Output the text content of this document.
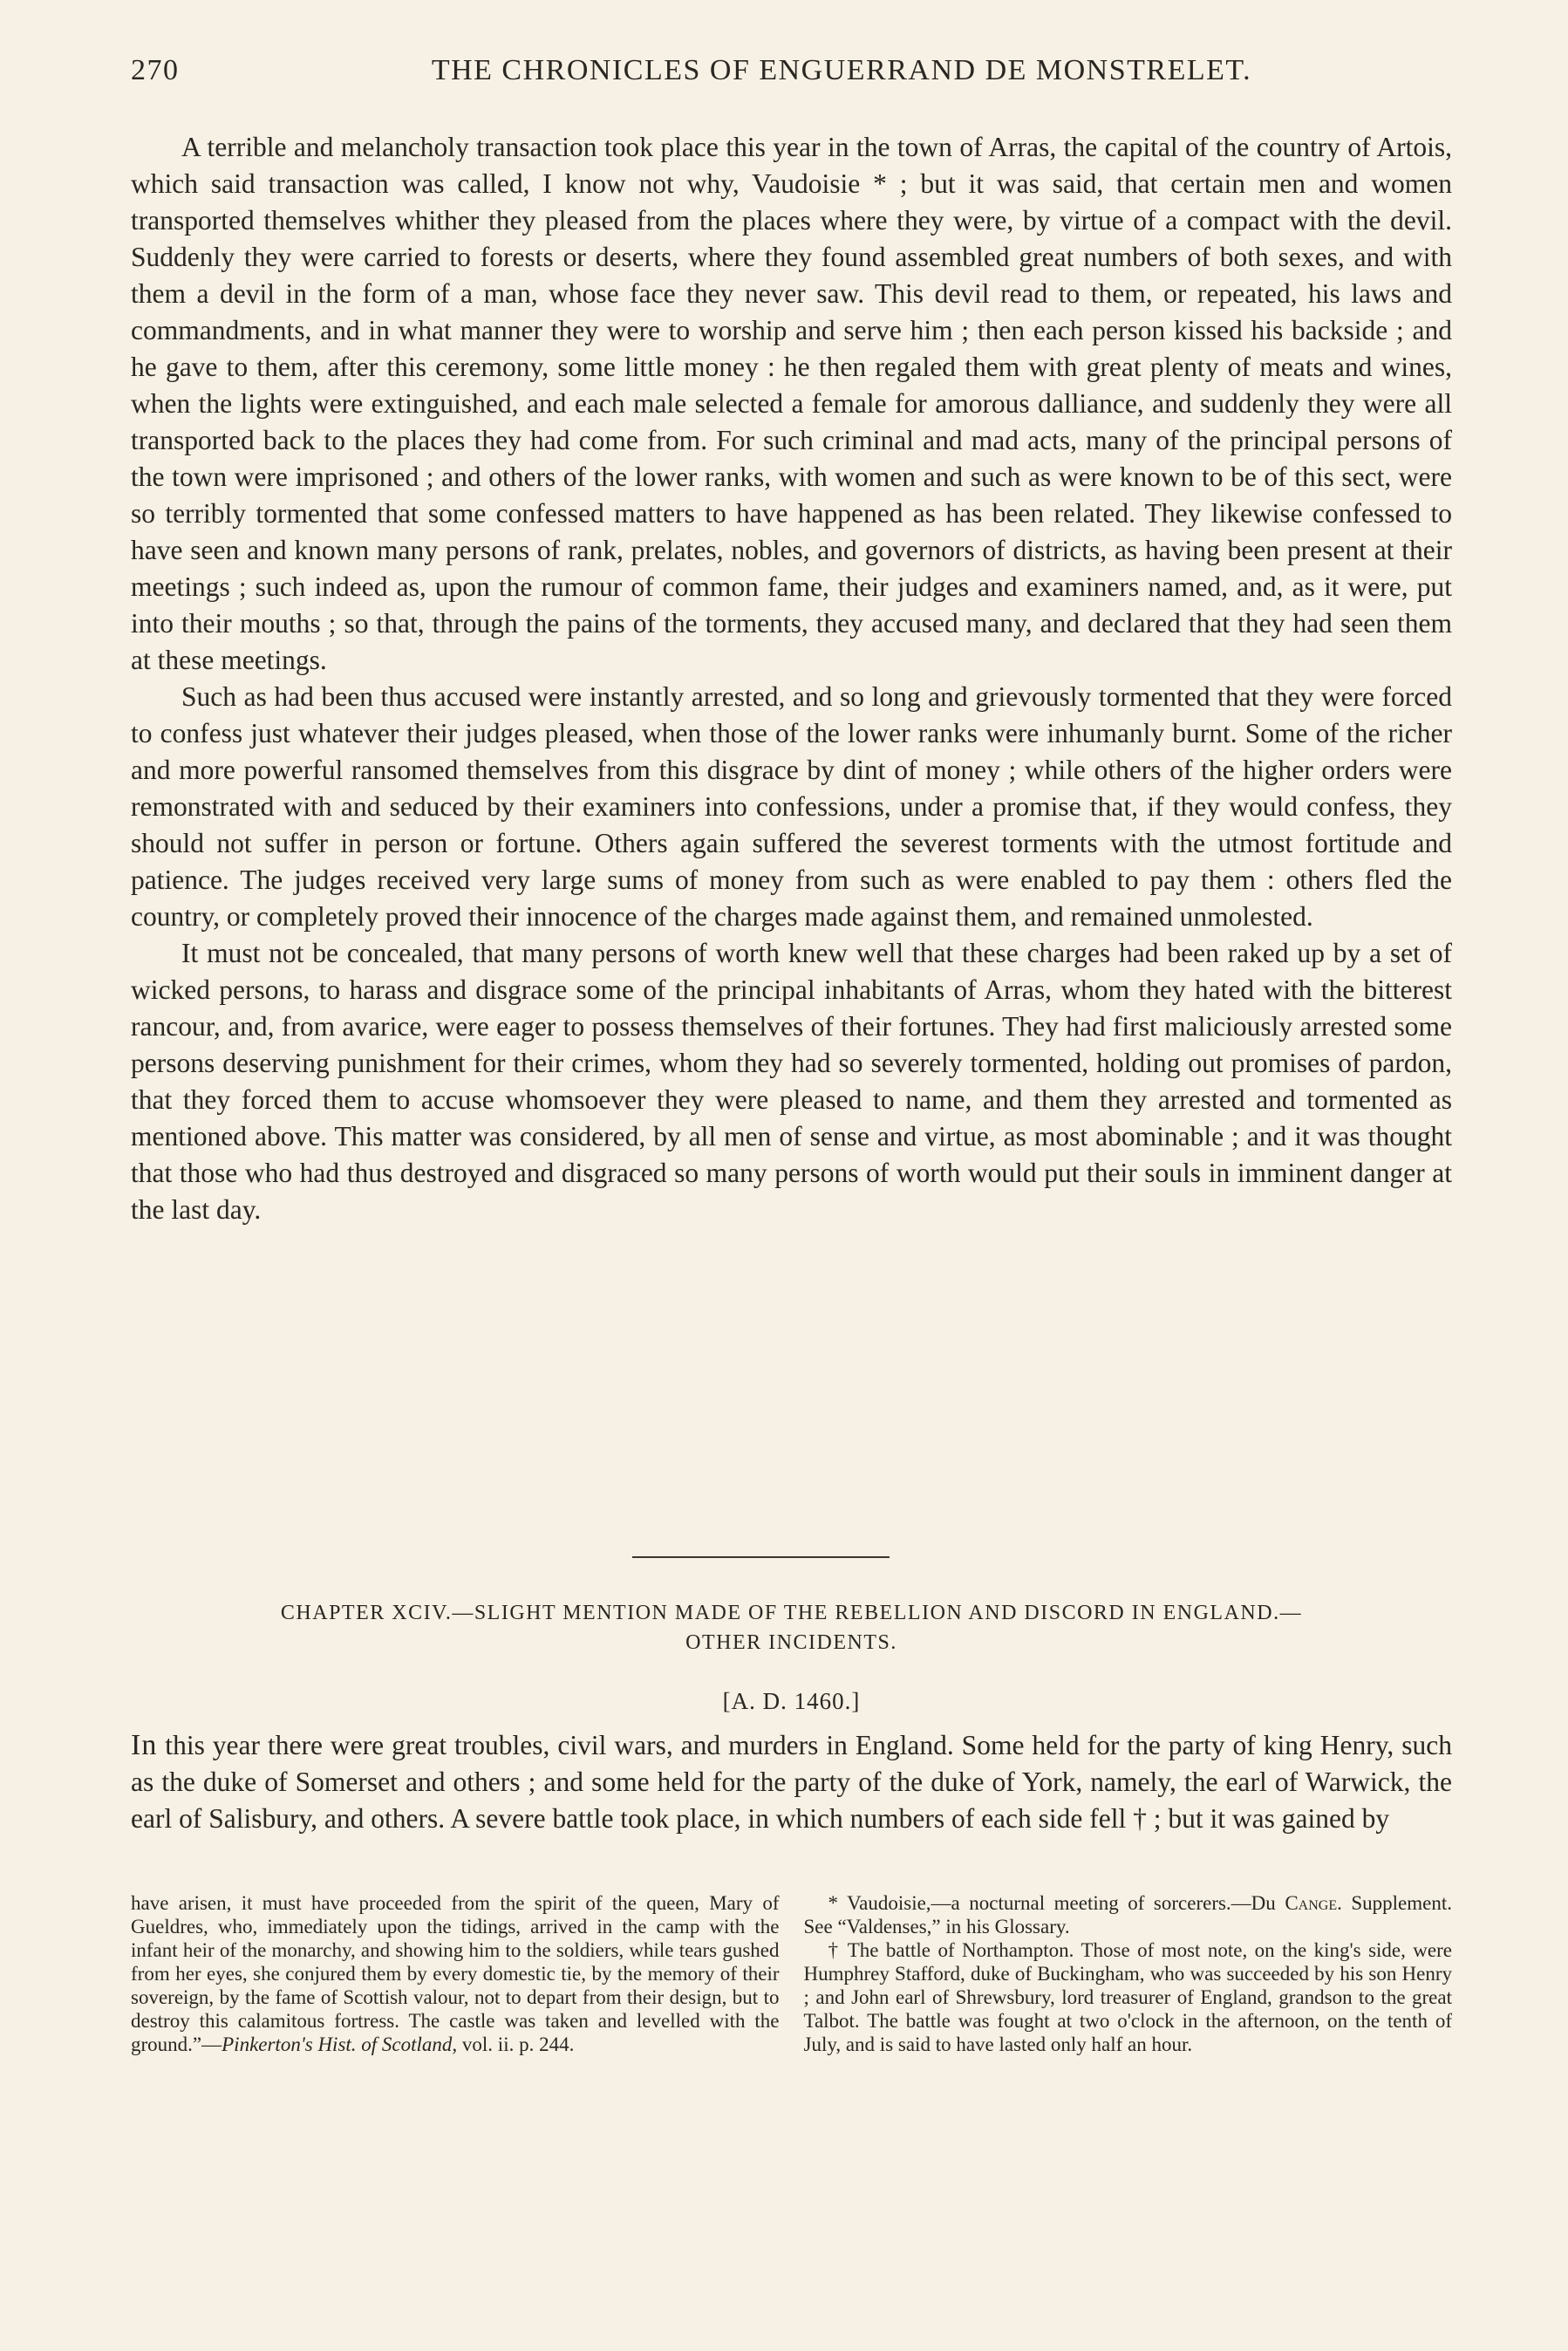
270	THE CHRONICLES OF ENGUERRAND DE MONSTRELET.

A terrible and melancholy transaction took place this year in the town of Arras, the capital of the country of Artois, which said transaction was called, I know not why, Vaudoisie * ; but it was said, that certain men and women transported themselves whither they pleased from the places where they were, by virtue of a compact with the devil. Suddenly they were carried to forests or deserts, where they found assembled great numbers of both sexes, and with them a devil in the form of a man, whose face they never saw. This devil read to them, or repeated, his laws and commandments, and in what manner they were to worship and serve him ; then each person kissed his backside ; and he gave to them, after this ceremony, some little money : he then regaled them with great plenty of meats and wines, when the lights were extinguished, and each male selected a female for amorous dalliance, and suddenly they were all transported back to the places they had come from. For such criminal and mad acts, many of the principal persons of the town were imprisoned ; and others of the lower ranks, with women and such as were known to be of this sect, were so terribly tormented that some confessed matters to have happened as has been related. They likewise confessed to have seen and known many persons of rank, prelates, nobles, and governors of districts, as having been present at their meetings ; such indeed as, upon the rumour of common fame, their judges and examiners named, and, as it were, put into their mouths ; so that, through the pains of the torments, they accused many, and declared that they had seen them at these meetings.

Such as had been thus accused were instantly arrested, and so long and grievously tormented that they were forced to confess just whatever their judges pleased, when those of the lower ranks were inhumanly burnt. Some of the richer and more powerful ransomed themselves from this disgrace by dint of money ; while others of the higher orders were remonstrated with and seduced by their examiners into confessions, under a promise that, if they would confess, they should not suffer in person or fortune. Others again suffered the severest torments with the utmost fortitude and patience. The judges received very large sums of money from such as were enabled to pay them : others fled the country, or completely proved their innocence of the charges made against them, and remained unmolested.

It must not be concealed, that many persons of worth knew well that these charges had been raked up by a set of wicked persons, to harass and disgrace some of the principal inhabitants of Arras, whom they hated with the bitterest rancour, and, from avarice, were eager to possess themselves of their fortunes. They had first maliciously arrested some persons deserving punishment for their crimes, whom they had so severely tormented, holding out promises of pardon, that they forced them to accuse whomsoever they were pleased to name, and them they arrested and tormented as mentioned above. This matter was considered, by all men of sense and virtue, as most abominable ; and it was thought that those who had thus destroyed and disgraced so many persons of worth would put their souls in imminent danger at the last day.

CHAPTER XCIV.—SLIGHT MENTION MADE OF THE REBELLION AND DISCORD IN ENGLAND.—
OTHER INCIDENTS.
[A. D. 1460.]

In this year there were great troubles, civil wars, and murders in England. Some held for the party of king Henry, such as the duke of Somerset and others ; and some held for the party of the duke of York, namely, the earl of Warwick, the earl of Salisbury, and others. A severe battle took place, in which numbers of each side fell † ; but it was gained by

have arisen, it must have proceeded from the spirit of the queen, Mary of Gueldres, who, immediately upon the tidings, arrived in the camp with the infant heir of the monarchy, and showing him to the soldiers, while tears gushed from her eyes, she conjured them by every domestic tie, by the memory of their sovereign, by the fame of Scottish valour, not to depart from their design, but to destroy this calamitous fortress. The castle was taken and levelled with the ground.”—Pinkerton's Hist. of Scotland, vol. ii. p. 244.

* Vaudoisie,—a nocturnal meeting of sorcerers.—Du Cange. Supplement. See “Valdenses,” in his Glossary.

† The battle of Northampton. Those of most note, on the king's side, were Humphrey Stafford, duke of Buckingham, who was succeeded by his son Henry ; and John earl of Shrewsbury, lord treasurer of England, grandson to the great Talbot. The battle was fought at two o'clock in the afternoon, on the tenth of July, and is said to have lasted only half an hour.
